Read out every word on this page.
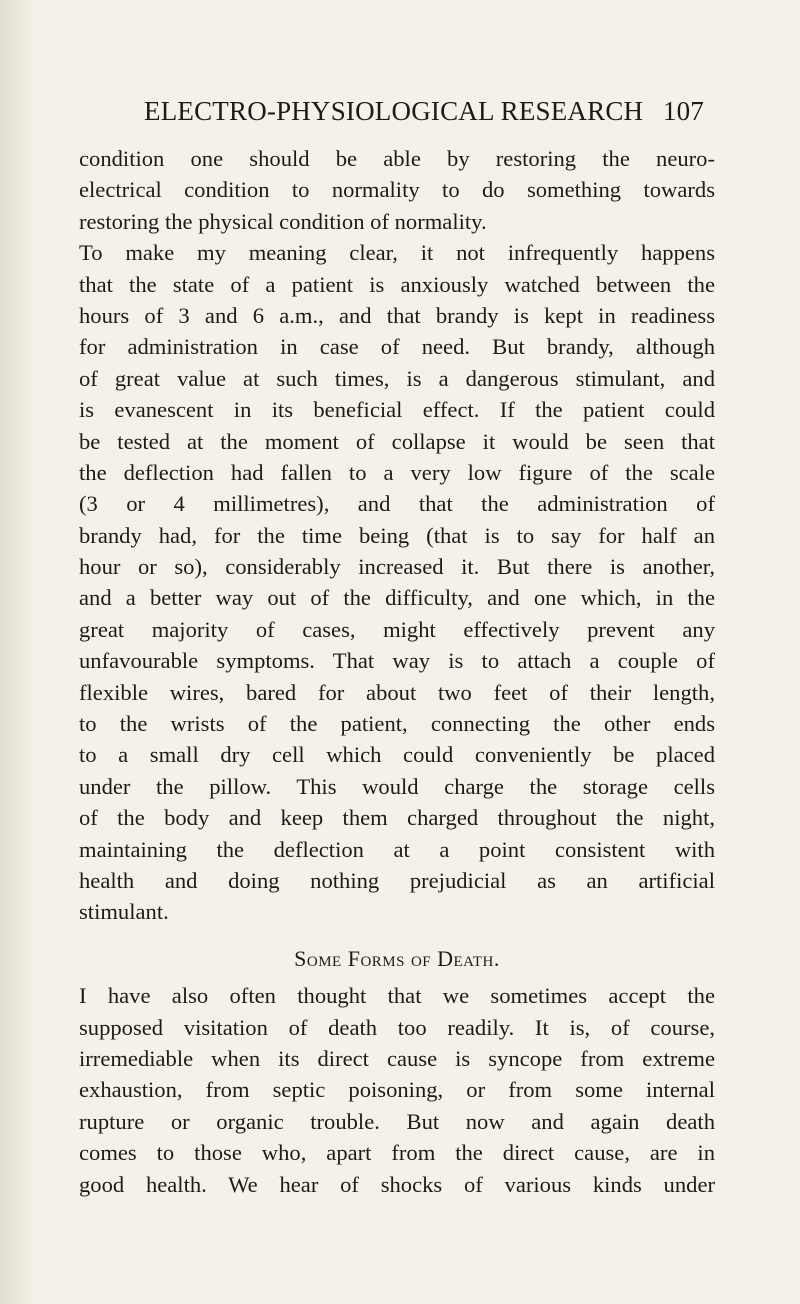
ELECTRO-PHYSIOLOGICAL RESEARCH 107
condition one should be able by restoring the neuro-
electrical condition to normality to do something towards
restoring the physical condition of normality.
To make my meaning clear, it not infrequently happens
that the state of a patient is anxiously watched between the
hours of 3 and 6 a.m., and that brandy is kept in readiness
for administration in case of need. But brandy, although
of great value at such times, is a dangerous stimulant, and
is evanescent in its beneficial effect. If the patient could
be tested at the moment of collapse it would be seen that
the deflection had fallen to a very low figure of the scale
(3 or 4 millimetres), and that the administration of
brandy had, for the time being (that is to say for half an
hour or so), considerably increased it. But there is another,
and a better way out of the difficulty, and one which, in the
great majority of cases, might effectively prevent any
unfavourable symptoms. That way is to attach a couple of
flexible wires, bared for about two feet of their length,
to the wrists of the patient, connecting the other ends
to a small dry cell which could conveniently be placed
under the pillow. This would charge the storage cells
of the body and keep them charged throughout the night,
maintaining the deflection at a point consistent with
health and doing nothing prejudicial as an artificial
stimulant.
Some Forms of Death.
I have also often thought that we sometimes accept the
supposed visitation of death too readily. It is, of course,
irremediable when its direct cause is syncope from extreme
exhaustion, from septic poisoning, or from some internal
rupture or organic trouble. But now and again death
comes to those who, apart from the direct cause, are in
good health. We hear of shocks of various kinds under
